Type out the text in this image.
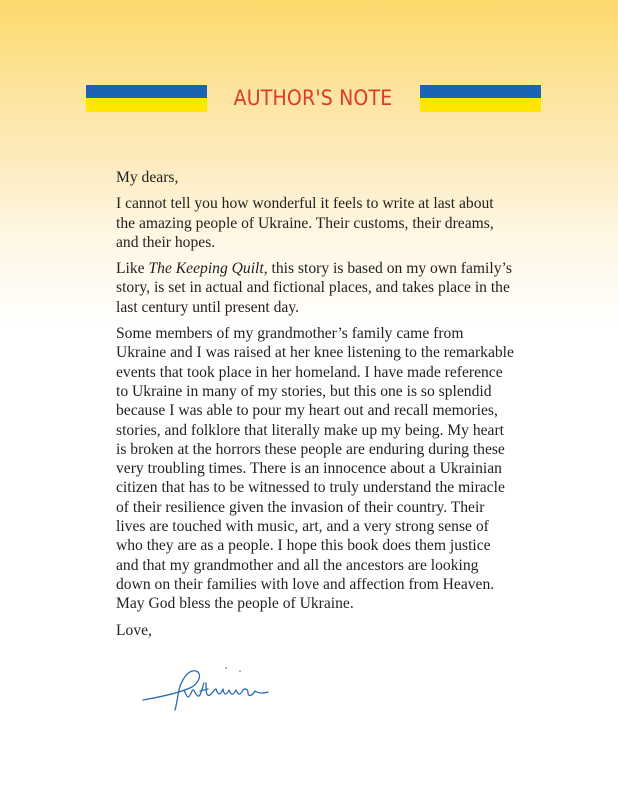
AUTHOR'S NOTE

My dears,

I cannot tell you how wonderful it feels to write at last about the amazing people of Ukraine. Their customs, their dreams, and their hopes.

Like The Keeping Quilt, this story is based on my own family’s story, is set in actual and fictional places, and takes place in the last century until present day.

Some members of my grandmother’s family came from Ukraine and I was raised at her knee listening to the remarkable events that took place in her homeland. I have made reference to Ukraine in many of my stories, but this one is so splendid because I was able to pour my heart out and recall memories, stories, and folklore that literally make up my being. My heart is broken at the horrors these people are enduring during these very troubling times. There is an innocence about a Ukrainian citizen that has to be witnessed to truly understand the miracle of their resilience given the invasion of their country. Their lives are touched with music, art, and a very strong sense of who they are as a people. I hope this book does them justice and that my grandmother and all the ancestors are looking down on their families with love and affection from Heaven. May God bless the people of Ukraine.

Love,
